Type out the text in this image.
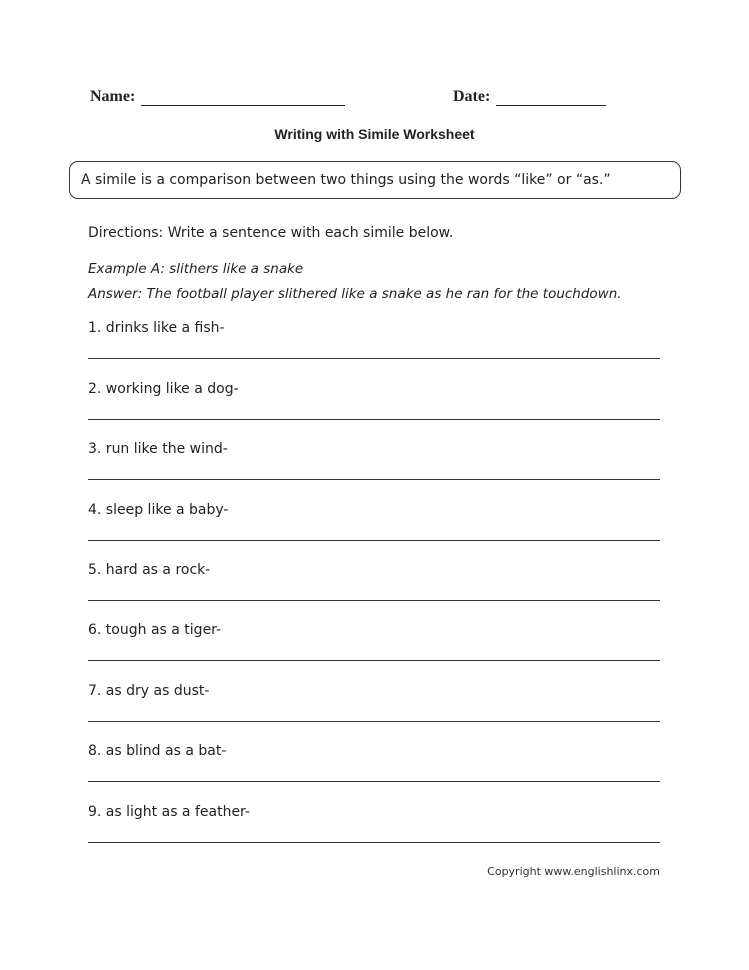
Name:	Date:
Writing with Simile Worksheet
A simile is a comparison between two things using the words “like” or “as.”
Directions: Write a sentence with each simile below.
Example A: slithers like a snake
Answer: The football player slithered like a snake as he ran for the touchdown.
1. drinks like a fish-
2. working like a dog-
3. run like the wind-
4. sleep like a baby-
5. hard as a rock-
6. tough as a tiger-
7. as dry as dust-
8. as blind as a bat-
9. as light as a feather-
Copyright www.englishlinx.com
